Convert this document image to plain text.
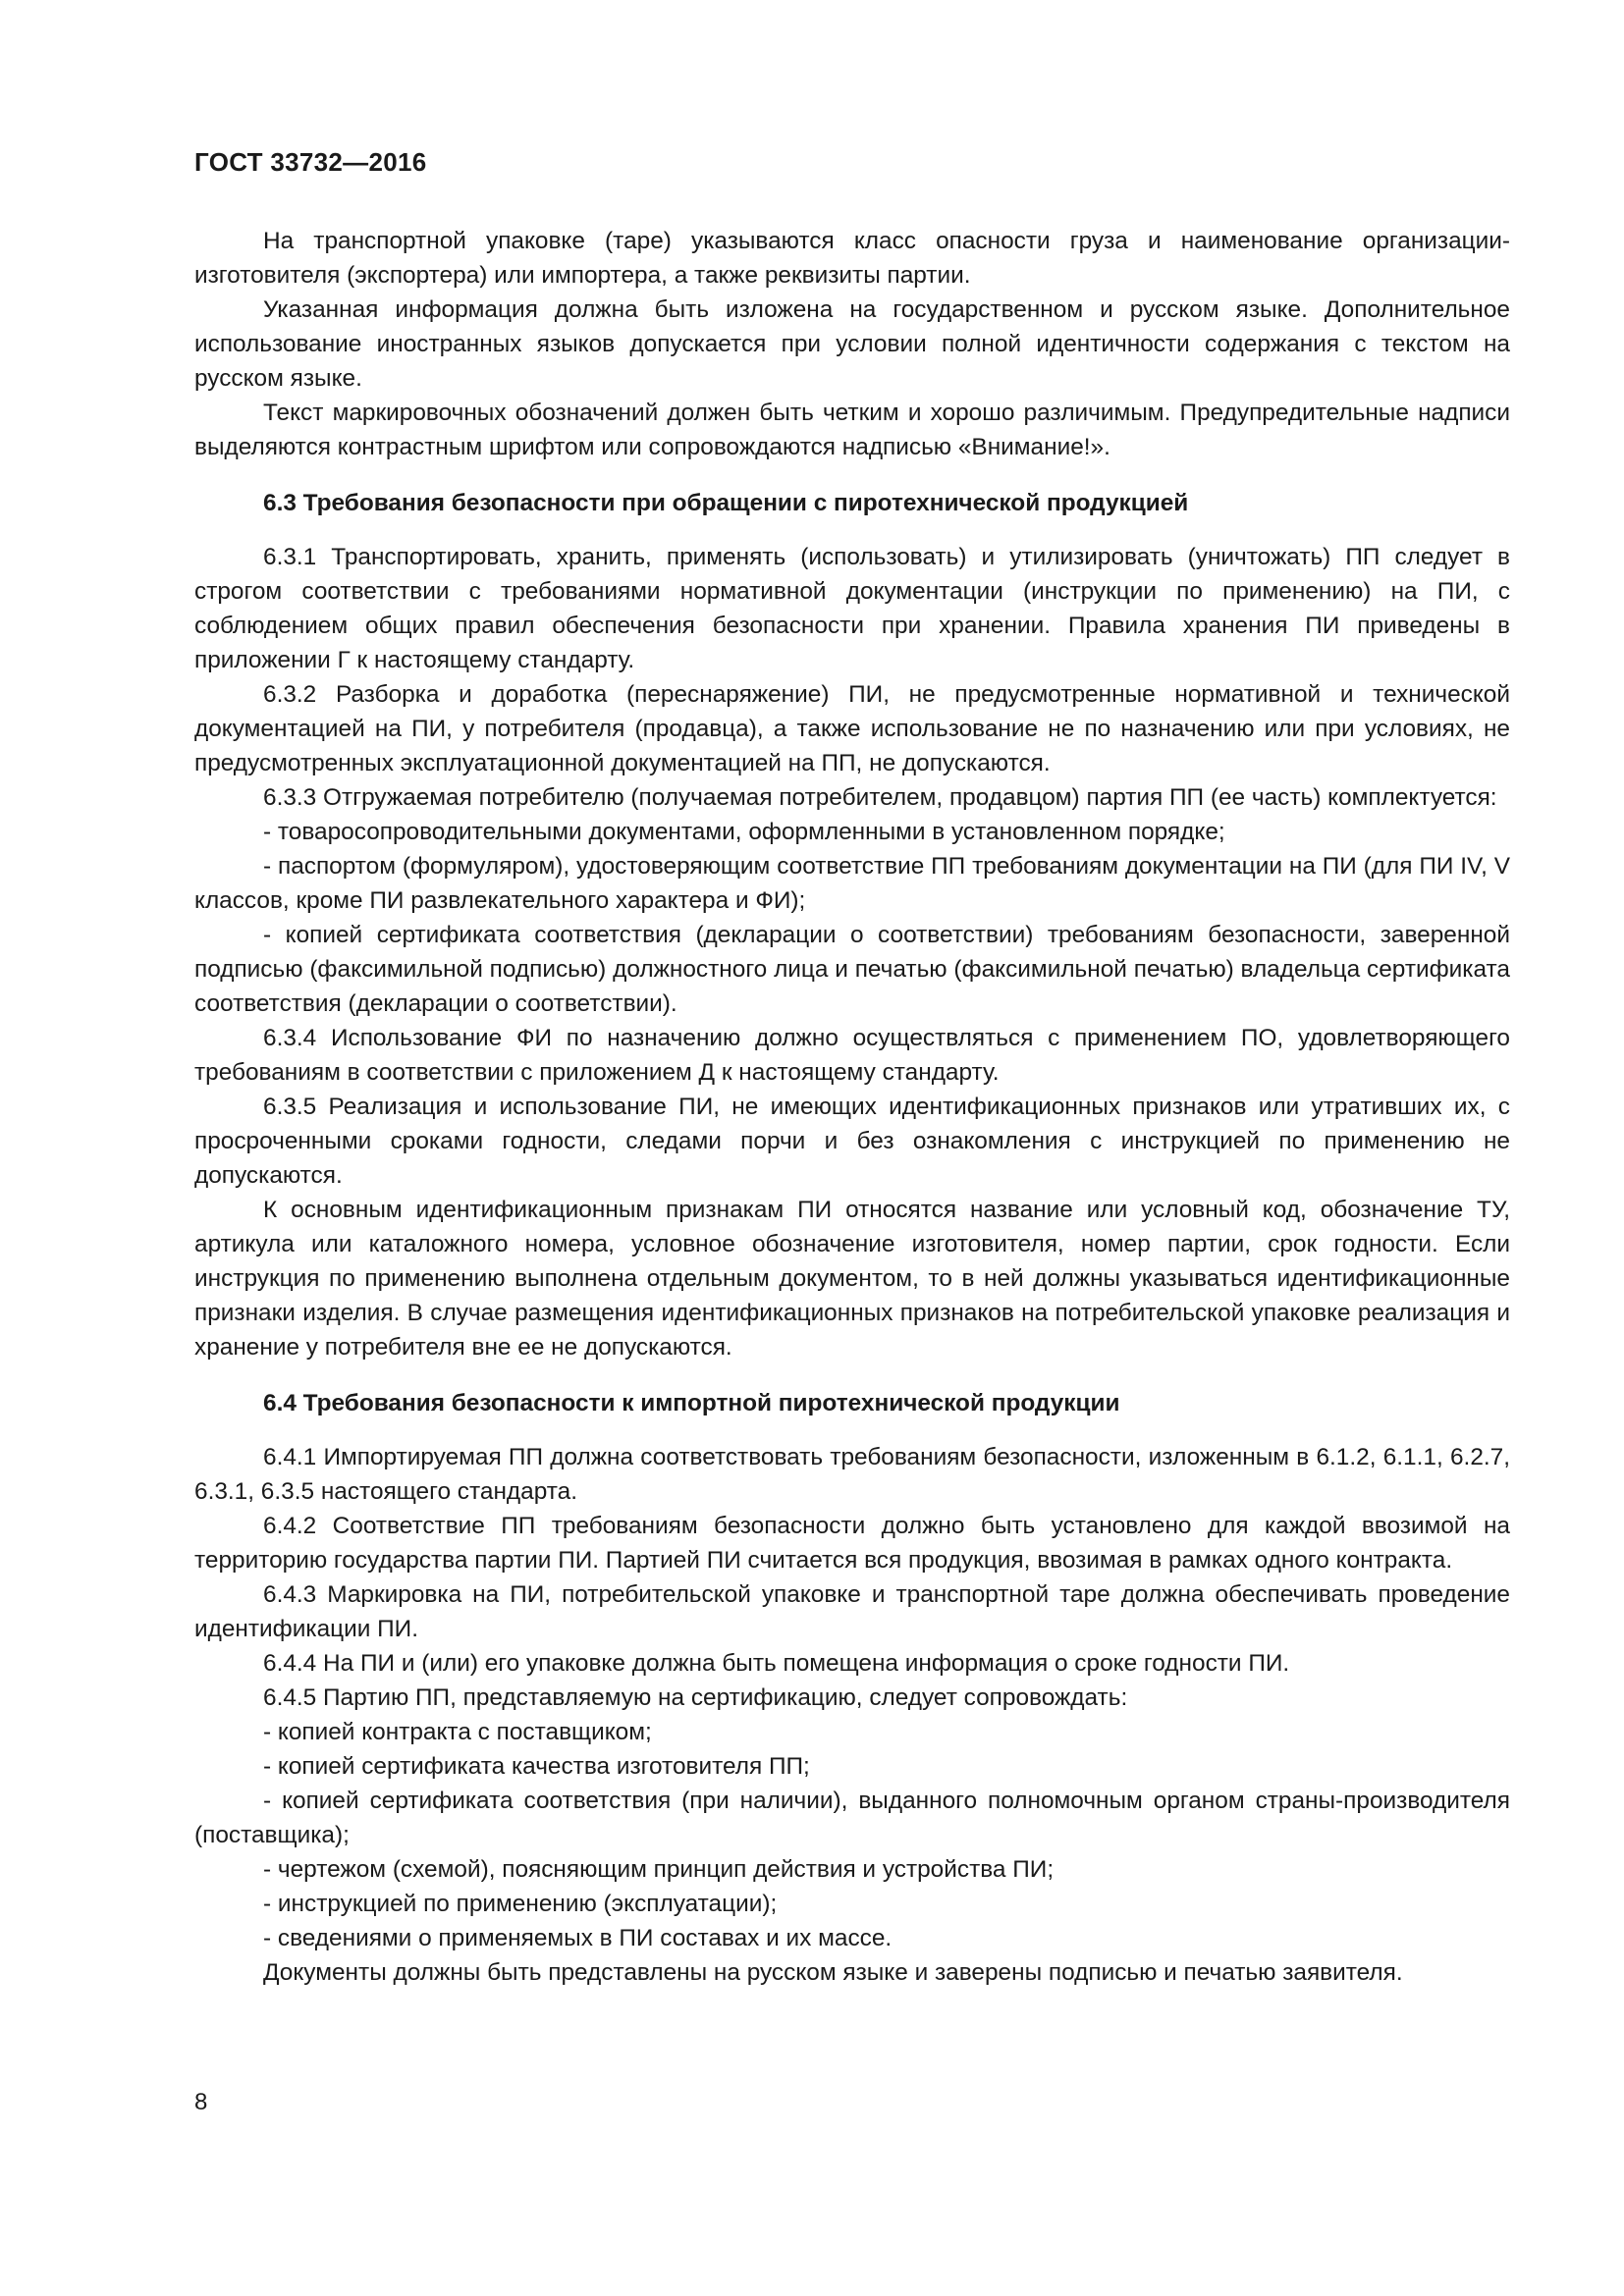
ГОСТ 33732—2016

На транспортной упаковке (таре) указываются класс опасности груза и наименование организации-изготовителя (экспортера) или импортера, а также реквизиты партии.

Указанная информация должна быть изложена на государственном и русском языке. Дополнительное использование иностранных языков допускается при условии полной идентичности содержания с текстом на русском языке.

Текст маркировочных обозначений должен быть четким и хорошо различимым. Предупредительные надписи выделяются контрастным шрифтом или сопровождаются надписью «Внимание!».

6.3 Требования безопасности при обращении с пиротехнической продукцией

6.3.1 Транспортировать, хранить, применять (использовать) и утилизировать (уничтожать) ПП следует в строгом соответствии с требованиями нормативной документации (инструкции по применению) на ПИ, с соблюдением общих правил обеспечения безопасности при хранении. Правила хранения ПИ приведены в приложении Г к настоящему стандарту.

6.3.2 Разборка и доработка (переснаряжение) ПИ, не предусмотренные нормативной и технической документацией на ПИ, у потребителя (продавца), а также использование не по назначению или при условиях, не предусмотренных эксплуатационной документацией на ПП, не допускаются.

6.3.3 Отгружаемая потребителю (получаемая потребителем, продавцом) партия ПП (ее часть) комплектуется:

- товаросопроводительными документами, оформленными в установленном порядке;

- паспортом (формуляром), удостоверяющим соответствие ПП требованиям документации на ПИ (для ПИ IV, V классов, кроме ПИ развлекательного характера и ФИ);

- копией сертификата соответствия (декларации о соответствии) требованиям безопасности, заверенной подписью (факсимильной подписью) должностного лица и печатью (факсимильной печатью) владельца сертификата соответствия (декларации о соответствии).

6.3.4 Использование ФИ по назначению должно осуществляться с применением ПО, удовлетворяющего требованиям в соответствии с приложением Д к настоящему стандарту.

6.3.5 Реализация и использование ПИ, не имеющих идентификационных признаков или утративших их, с просроченными сроками годности, следами порчи и без ознакомления с инструкцией по применению не допускаются.

К основным идентификационным признакам ПИ относятся название или условный код, обозначение ТУ, артикула или каталожного номера, условное обозначение изготовителя, номер партии, срок годности. Если инструкция по применению выполнена отдельным документом, то в ней должны указываться идентификационные признаки изделия. В случае размещения идентификационных признаков на потребительской упаковке реализация и хранение у потребителя вне ее не допускаются.

6.4 Требования безопасности к импортной пиротехнической продукции

6.4.1 Импортируемая ПП должна соответствовать требованиям безопасности, изложенным в 6.1.2, 6.1.1, 6.2.7, 6.3.1, 6.3.5 настоящего стандарта.

6.4.2 Соответствие ПП требованиям безопасности должно быть установлено для каждой ввозимой на территорию государства партии ПИ. Партией ПИ считается вся продукция, ввозимая в рамках одного контракта.

6.4.3 Маркировка на ПИ, потребительской упаковке и транспортной таре должна обеспечивать проведение идентификации ПИ.

6.4.4 На ПИ и (или) его упаковке должна быть помещена информация о сроке годности ПИ.

6.4.5 Партию ПП, представляемую на сертификацию, следует сопровождать:

- копией контракта с поставщиком;

- копией сертификата качества изготовителя ПП;

- копией сертификата соответствия (при наличии), выданного полномочным органом страны-производителя (поставщика);

- чертежом (схемой), поясняющим принцип действия и устройства ПИ;

- инструкцией по применению (эксплуатации);

- сведениями о применяемых в ПИ составах и их массе.

Документы должны быть представлены на русском языке и заверены подписью и печатью заявителя.

8
